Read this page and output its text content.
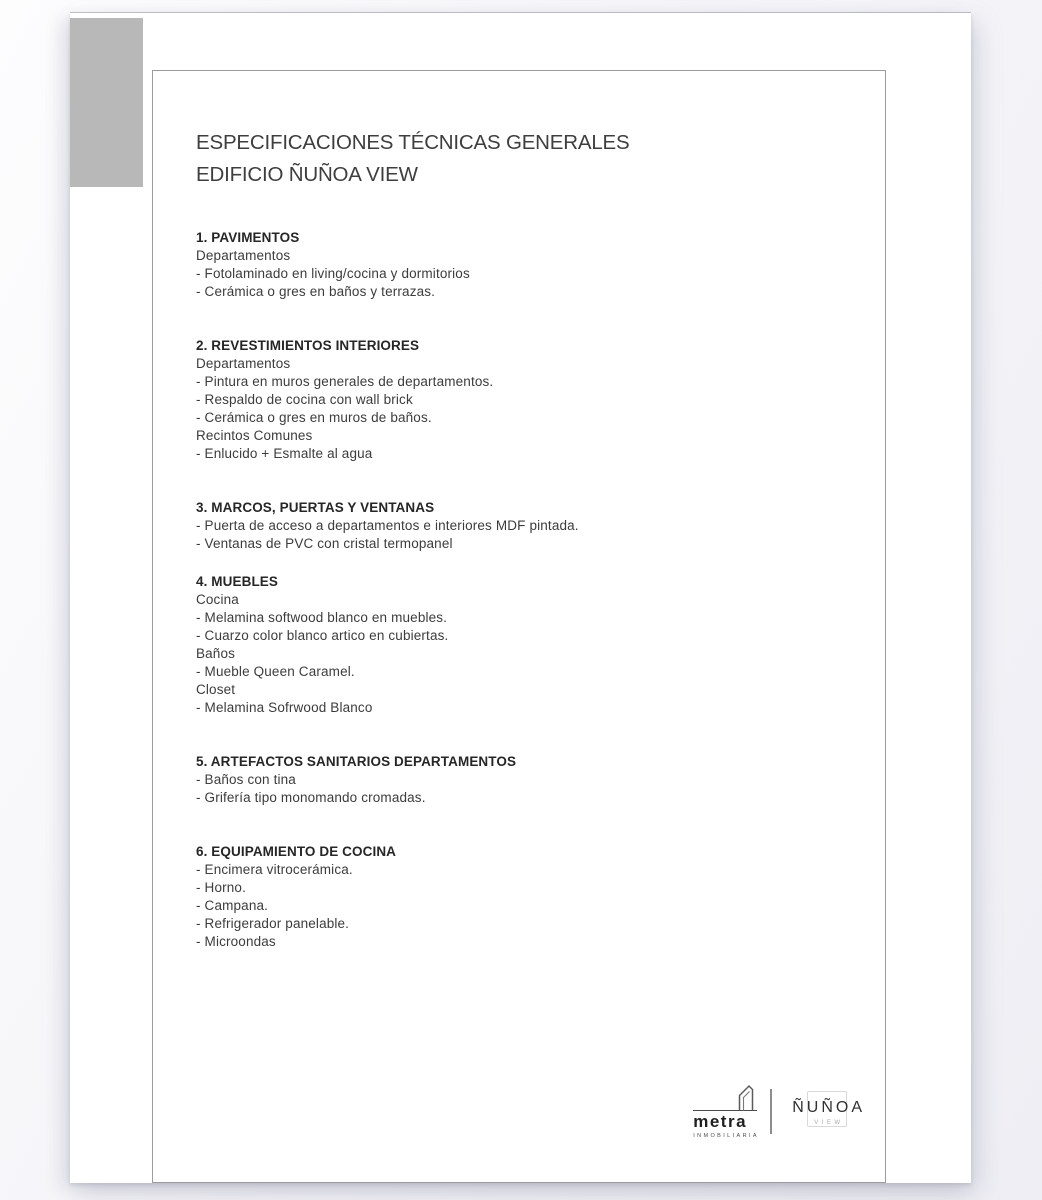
ESPECIFICACIONES TÉCNICAS GENERALES
EDIFICIO ÑUÑOA VIEW
1. PAVIMENTOS
Departamentos
- Fotolaminado en living/cocina y dormitorios
- Cerámica o gres en baños y terrazas.
2. REVESTIMIENTOS INTERIORES
Departamentos
- Pintura en muros generales de departamentos.
- Respaldo de cocina con wall brick
- Cerámica o gres en muros de baños.
Recintos Comunes
- Enlucido + Esmalte al agua
3. MARCOS, PUERTAS Y VENTANAS
- Puerta de acceso a departamentos e interiores MDF pintada.
- Ventanas de PVC con cristal termopanel
4. MUEBLES
Cocina
- Melamina softwood blanco en muebles.
- Cuarzo color blanco artico en cubiertas.
Baños
- Mueble Queen Caramel.
Closet
- Melamina Sofrwood Blanco
5. ARTEFACTOS SANITARIOS DEPARTAMENTOS
- Baños con tina
- Grifería tipo monomando cromadas.
6. EQUIPAMIENTO DE COCINA
- Encimera vitrocerámica.
- Horno.
- Campana.
- Refrigerador panelable.
- Microondas
metra
INMOBILIARIA
ÑUÑOA
VIEW
